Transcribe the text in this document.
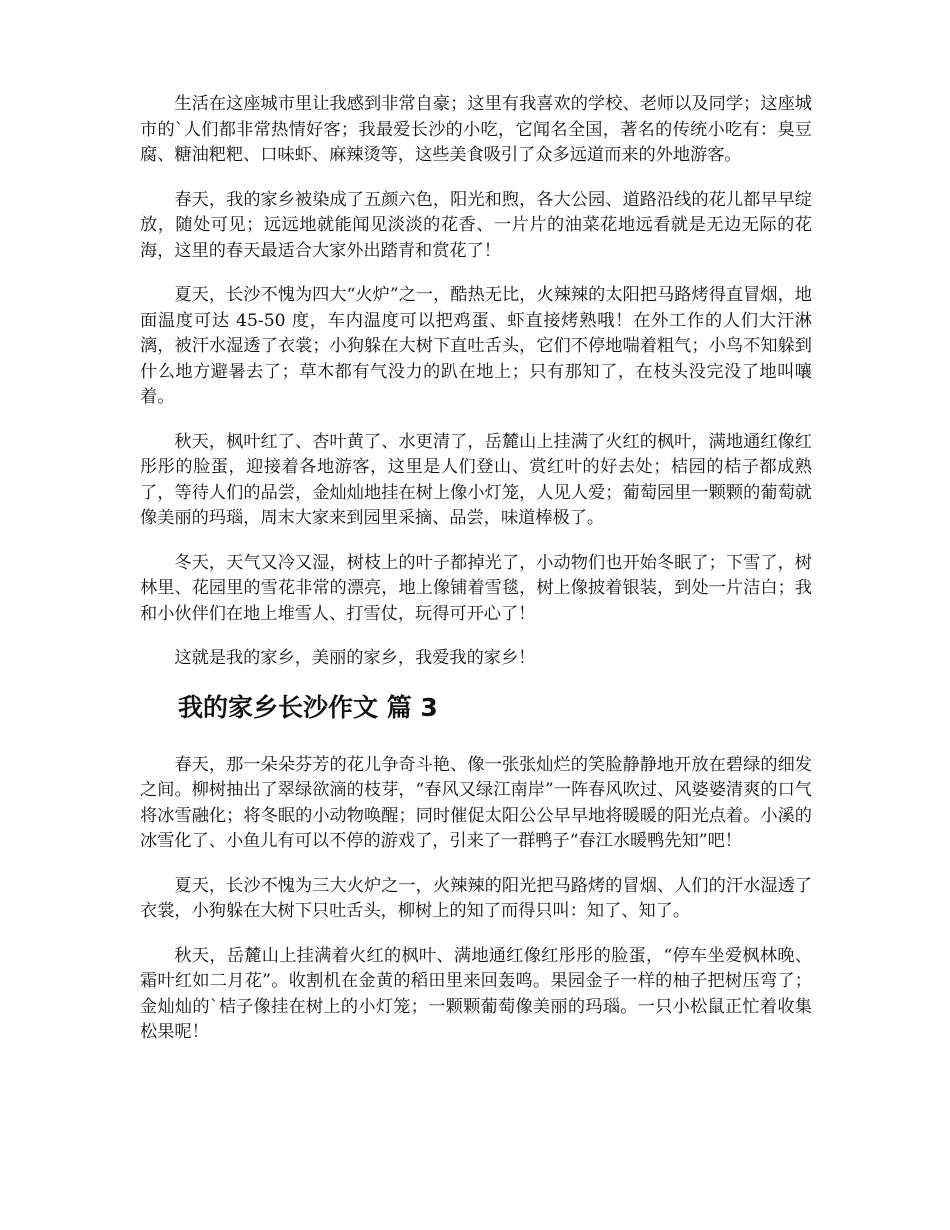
生活在这座城市里让我感到非常自豪；这里有我喜欢的学校、老师以及同学；这座城市的`人们都非常热情好客；我最爱长沙的小吃，它闻名全国，著名的传统小吃有：臭豆腐、糖油粑粑、口味虾、麻辣烫等，这些美食吸引了众多远道而来的外地游客。

春天，我的家乡被染成了五颜六色，阳光和煦，各大公园、道路沿线的花儿都早早绽放，随处可见；远远地就能闻见淡淡的花香、一片片的油菜花地远看就是无边无际的花海，这里的春天最适合大家外出踏青和赏花了！

夏天，长沙不愧为四大“火炉”之一，酷热无比，火辣辣的太阳把马路烤得直冒烟，地面温度可达 45-50 度，车内温度可以把鸡蛋、虾直接烤熟哦！在外工作的人们大汗淋漓，被汗水湿透了衣裳；小狗躲在大树下直吐舌头，它们不停地喘着粗气；小鸟不知躲到什么地方避暑去了；草木都有气没力的趴在地上；只有那知了，在枝头没完没了地叫嚷着。

秋天，枫叶红了、杏叶黄了、水更清了，岳麓山上挂满了火红的枫叶，满地通红像红彤彤的脸蛋，迎接着各地游客，这里是人们登山、赏红叶的好去处；桔园的桔子都成熟了，等待人们的品尝，金灿灿地挂在树上像小灯笼，人见人爱；葡萄园里一颗颗的葡萄就像美丽的玛瑙，周末大家来到园里采摘、品尝，味道棒极了。

冬天，天气又冷又湿，树枝上的叶子都掉光了，小动物们也开始冬眠了；下雪了，树林里、花园里的雪花非常的漂亮，地上像铺着雪毯，树上像披着银装，到处一片洁白；我和小伙伴们在地上堆雪人、打雪仗，玩得可开心了！

这就是我的家乡，美丽的家乡，我爱我的家乡！

我的家乡长沙作文 篇 3

春天，那一朵朵芬芳的花儿争奇斗艳、像一张张灿烂的笑脸静静地开放在碧绿的细发之间。柳树抽出了翠绿欲滴的枝芽，“春风又绿江南岸”一阵春风吹过、风婆婆清爽的口气将冰雪融化；将冬眠的小动物唤醒；同时催促太阳公公早早地将暖暖的阳光点着。小溪的冰雪化了、小鱼儿有可以不停的游戏了，引来了一群鸭子“春江水暖鸭先知”吧！

夏天，长沙不愧为三大火炉之一，火辣辣的阳光把马路烤的冒烟、人们的汗水湿透了衣裳，小狗躲在大树下只吐舌头，柳树上的知了而得只叫：知了、知了。

秋天，岳麓山上挂满着火红的枫叶、满地通红像红彤彤的脸蛋，“停车坐爱枫林晚、霜叶红如二月花”。收割机在金黄的稻田里来回轰鸣。果园金子一样的柚子把树压弯了；金灿灿的`桔子像挂在树上的小灯笼；一颗颗葡萄像美丽的玛瑙。一只小松鼠正忙着收集松果呢！
